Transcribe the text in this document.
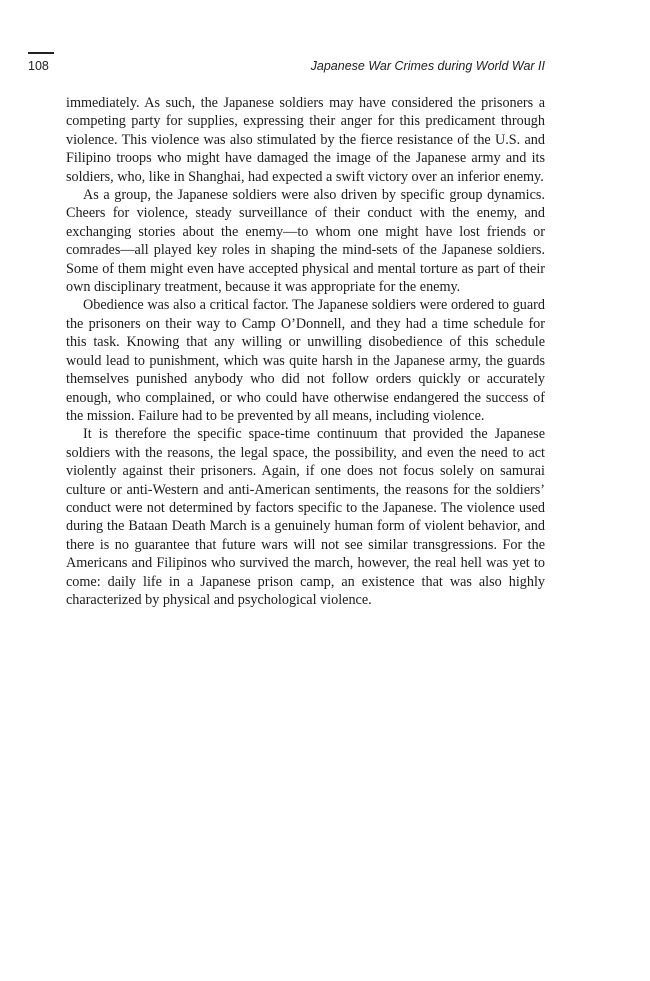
108	Japanese War Crimes during World War II

immediately. As such, the Japanese soldiers may have considered the prisoners a competing party for supplies, expressing their anger for this predicament through violence. This violence was also stimulated by the fierce resistance of the U.S. and Filipino troops who might have damaged the image of the Japanese army and its soldiers, who, like in Shanghai, had expected a swift victory over an inferior enemy.

As a group, the Japanese soldiers were also driven by specific group dynamics. Cheers for violence, steady surveillance of their conduct with the enemy, and exchanging stories about the enemy—to whom one might have lost friends or comrades—all played key roles in shaping the mind-sets of the Japanese soldiers. Some of them might even have accepted physical and mental torture as part of their own disciplinary treatment, because it was appropriate for the enemy.

Obedience was also a critical factor. The Japanese soldiers were ordered to guard the prisoners on their way to Camp O’Donnell, and they had a time schedule for this task. Knowing that any willing or unwilling disobedience of this schedule would lead to punishment, which was quite harsh in the Japanese army, the guards themselves punished anybody who did not follow orders quickly or accurately enough, who complained, or who could have otherwise endangered the success of the mission. Failure had to be prevented by all means, including violence.

It is therefore the specific space-time continuum that provided the Japanese soldiers with the reasons, the legal space, the possibility, and even the need to act violently against their prisoners. Again, if one does not focus solely on samurai culture or anti-Western and anti-American sentiments, the reasons for the soldiers’ conduct were not determined by factors specific to the Japanese. The violence used during the Bataan Death March is a genuinely human form of violent behavior, and there is no guarantee that future wars will not see similar transgressions. For the Americans and Filipinos who survived the march, however, the real hell was yet to come: daily life in a Japanese prison camp, an existence that was also highly characterized by physical and psychological violence.
